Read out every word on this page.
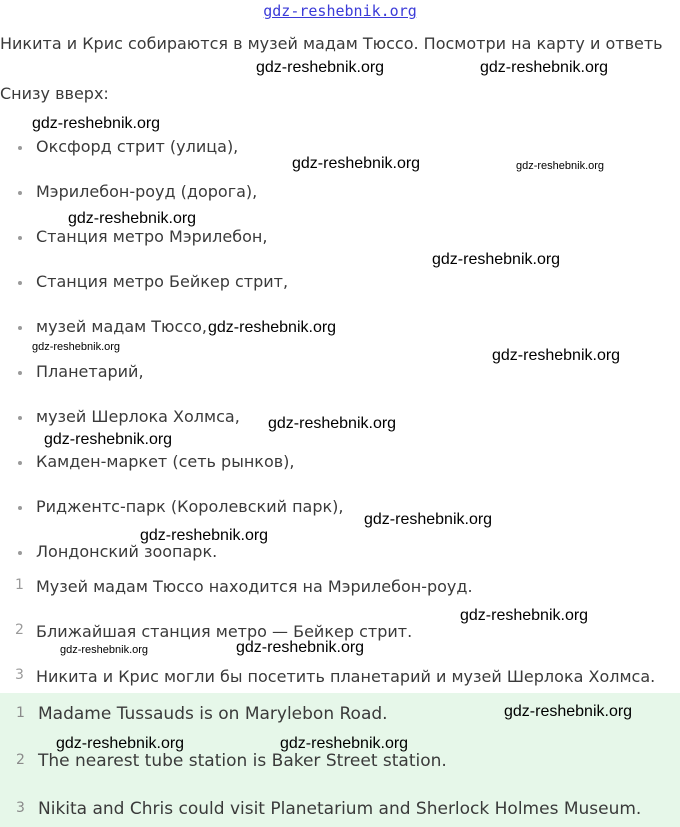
gdz-reshebnik.org
Никита и Крис собираются в музей мадам Тюссо. Посмотри на карту и ответь
Снизу вверх:
Оксфорд стрит (улица),
Мэрилебон-роуд (дорога),
Станция метро Мэрилебон,
Станция метро Бейкер стрит,
музей мадам Тюссо,
Планетарий,
музей Шерлока Холмса,
Камден-маркет (сеть рынков),
Риджентс-парк (Королевский парк),
Лондонский зоопарк.
1 Музей мадам Тюссо находится на Мэрилебон-роуд.
2 Ближайшая станция метро — Бейкер стрит.
3 Никита и Крис могли бы посетить планетарий и музей Шерлока Холмса.
1 Madame Tussauds is on Marylebon Road.
2 The nearest tube station is Baker Street station.
3 Nikita and Chris could visit Planetarium and Sherlock Holmes Museum.
gdz-reshebnik.org	gdz-reshebnik.org
gdz-reshebnik.org
gdz-reshebnik.org	gdz-reshebnik.org
gdz-reshebnik.org
gdz-reshebnik.org
gdz-reshebnik.org
gdz-reshebnik.org	gdz-reshebnik.org
gdz-reshebnik.org
gdz-reshebnik.org
gdz-reshebnik.org
gdz-reshebnik.org
gdz-reshebnik.org
gdz-reshebnik.org
gdz-reshebnik.org
gdz-reshebnik.org
gdz-reshebnik.org	gdz-reshebnik.org
